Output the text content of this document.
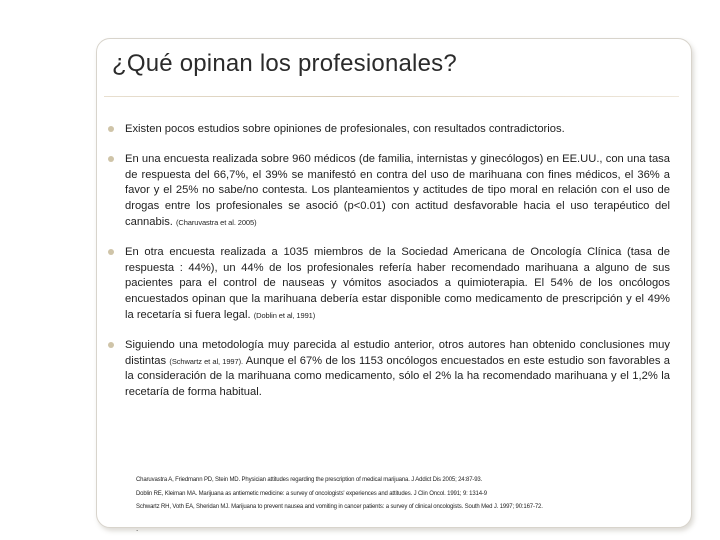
¿Qué opinan los profesionales?
Existen pocos estudios sobre opiniones de profesionales, con resultados contradictorios.
En una encuesta realizada sobre 960 médicos (de familia, internistas y ginecólogos) en EE.UU., con una tasa de respuesta del 66,7%, el 39% se manifestó en contra del uso de marihuana con fines médicos, el 36% a favor y el 25% no sabe/no contesta. Los planteamientos y actitudes de tipo moral en relación con el uso de drogas entre los profesionales se asoció (p<0.01) con actitud desfavorable hacia el uso terapéutico del cannabis. (Charuvastra et al. 2005)
En otra encuesta realizada a 1035 miembros de la Sociedad Americana de Oncología Clínica (tasa de respuesta : 44%), un 44% de los profesionales refería haber recomendado marihuana a alguno de sus pacientes para el control de nauseas y vómitos asociados a quimioterapia. El 54% de los oncólogos encuestados opinan que la marihuana debería estar disponible como medicamento de prescripción y el 49% la recetaría si fuera legal. (Doblin et al, 1991)
Siguiendo una metodología muy parecida al estudio anterior, otros autores han obtenido conclusiones muy distintas (Schwartz et al, 1997). Aunque el 67% de los 1153 oncólogos encuestados en este estudio son favorables a la consideración de la marihuana como medicamento, sólo el 2% la ha recomendado marihuana y el 1,2% la recetaría de forma habitual.
Charuvastra A, Friedmann PD, Stein MD. Physician attitudes regarding the prescription of medical marijuana. J Addict Dis 2005; 24:87-93.
Doblin RE, Kleiman MA. Marijuana as antiemetic medicine: a survey of oncologists' experiences and attitudes. J Clin Oncol. 1991; 9: 1314-9
Schwartz RH, Voth EA, Sheridan MJ. Marijuana to prevent nausea and vomiting in cancer patients: a survey of clinical oncologists. South Med J. 1997; 90:167-72.
.
